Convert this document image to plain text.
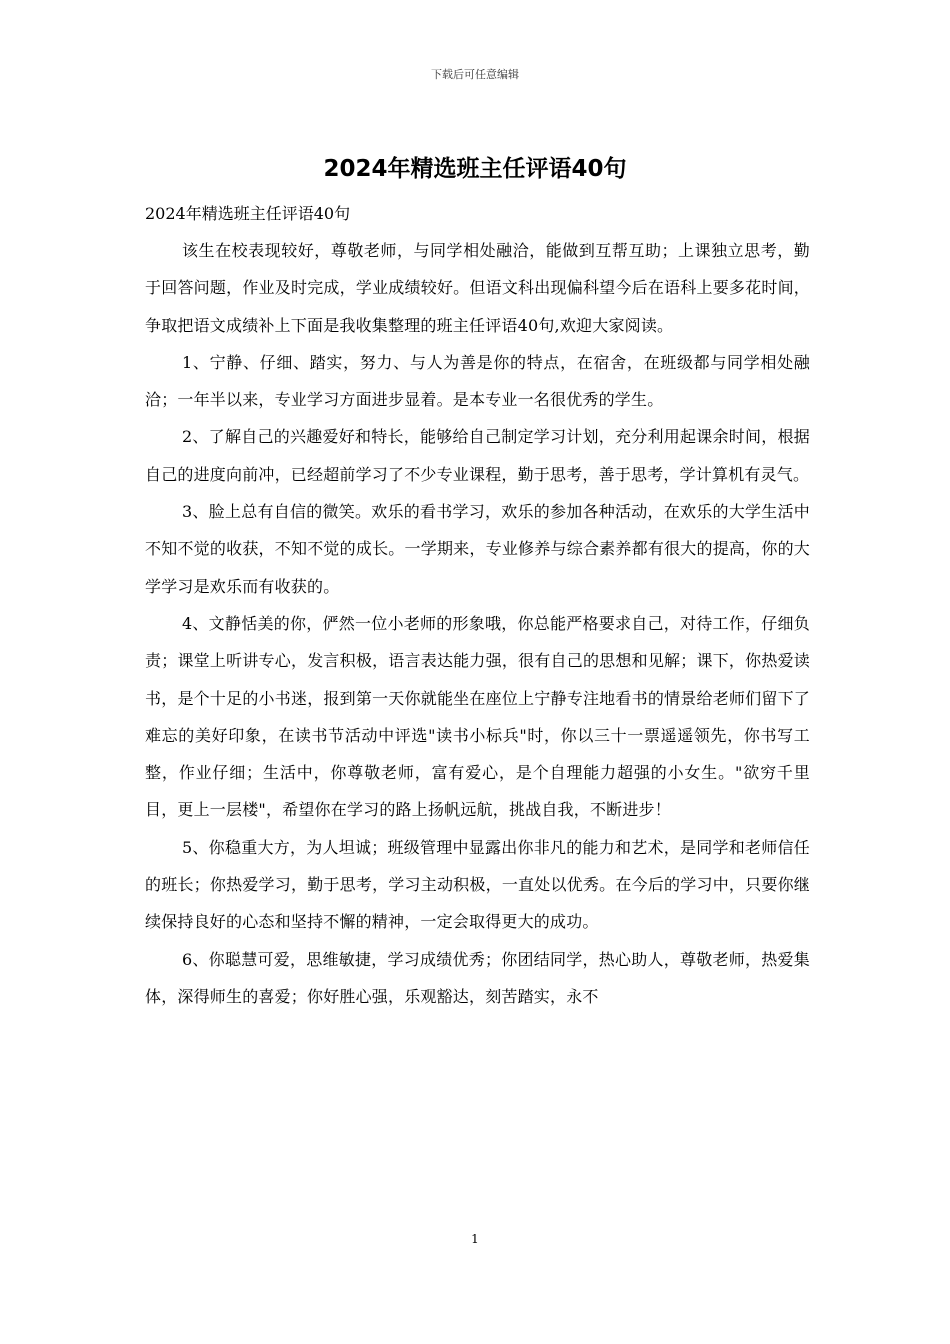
下载后可任意编辑
2024年精选班主任评语40句

2024年精选班主任评语40句

该生在校表现较好，尊敬老师，与同学相处融洽，能做到互帮互助；上课独立思考，勤于回答问题，作业及时完成，学业成绩较好。但语文科出现偏科望今后在语科上要多花时间，争取把语文成绩补上下面是我收集整理的班主任评语40句,欢迎大家阅读。

1、宁静、仔细、踏实，努力、与人为善是你的特点，在宿舍，在班级都与同学相处融洽；一年半以来，专业学习方面进步显着。是本专业一名很优秀的学生。

2、了解自己的兴趣爱好和特长，能够给自己制定学习计划，充分利用起课余时间，根据自己的进度向前冲，已经超前学习了不少专业课程，勤于思考，善于思考，学计算机有灵气。

3、脸上总有自信的微笑。欢乐的看书学习，欢乐的参加各种活动，在欢乐的大学生活中不知不觉的收获，不知不觉的成长。一学期来，专业修养与综合素养都有很大的提高，你的大学学习是欢乐而有收获的。

4、文静恬美的你，俨然一位小老师的形象哦，你总能严格要求自己，对待工作，仔细负责；课堂上听讲专心，发言积极，语言表达能力强，很有自己的思想和见解；课下，你热爱读书，是个十足的小书迷，报到第一天你就能坐在座位上宁静专注地看书的情景给老师们留下了难忘的美好印象，在读书节活动中评选"读书小标兵"时，你以三十一票遥遥领先，你书写工整，作业仔细；生活中，你尊敬老师，富有爱心，是个自理能力超强的小女生。"欲穷千里目，更上一层楼"，希望你在学习的路上扬帆远航，挑战自我，不断进步！

5、你稳重大方，为人坦诚；班级管理中显露出你非凡的能力和艺术，是同学和老师信任的班长；你热爱学习，勤于思考，学习主动积极，一直处以优秀。在今后的学习中，只要你继续保持良好的心态和坚持不懈的精神，一定会取得更大的成功。

6、你聪慧可爱，思维敏捷，学习成绩优秀；你团结同学，热心助人，尊敬老师，热爱集体，深得师生的喜爱；你好胜心强，乐观豁达，刻苦踏实，永不

1
